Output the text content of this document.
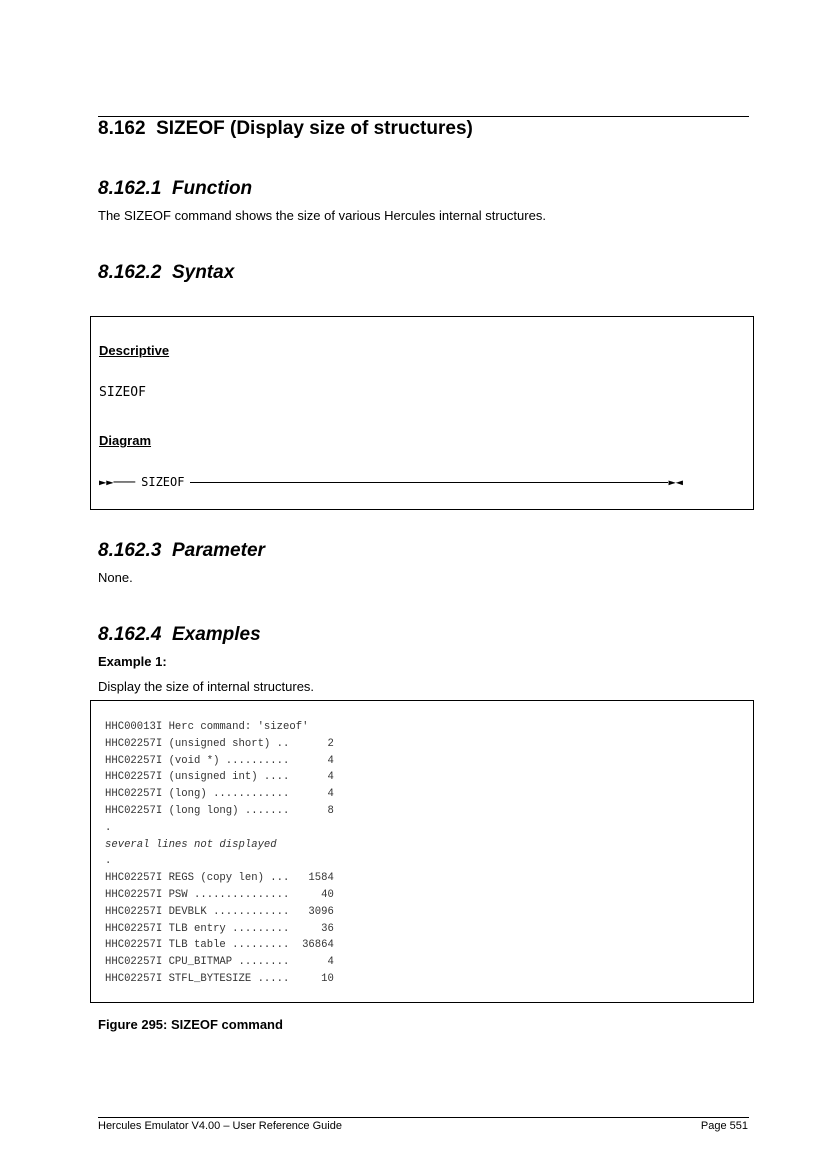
8.162 SIZEOF (Display size of structures)
8.162.1  Function

The SIZEOF command shows the size of various Hercules internal structures.

8.162.2  Syntax

Descriptive

SIZEOF

Diagram

►►─── SIZEOF	►◄
8.162.3  Parameter

None.

8.162.4  Examples

Example 1:

Display the size of internal structures.

HHC00013I Herc command: 'sizeof'
HHC02257I (unsigned short) ..      2
HHC02257I (void *) ..........      4
HHC02257I (unsigned int) ....      4
HHC02257I (long) ............      4
HHC02257I (long long) .......      8
.
several lines not displayed
.
HHC02257I REGS (copy len) ...   1584
HHC02257I PSW ...............     40
HHC02257I DEVBLK ............   3096
HHC02257I TLB entry .........     36
HHC02257I TLB table .........  36864
HHC02257I CPU_BITMAP ........      4
HHC02257I STFL_BYTESIZE .....     10

Figure 295: SIZEOF command

Hercules Emulator V4.00 – User Reference Guide	Page 551
